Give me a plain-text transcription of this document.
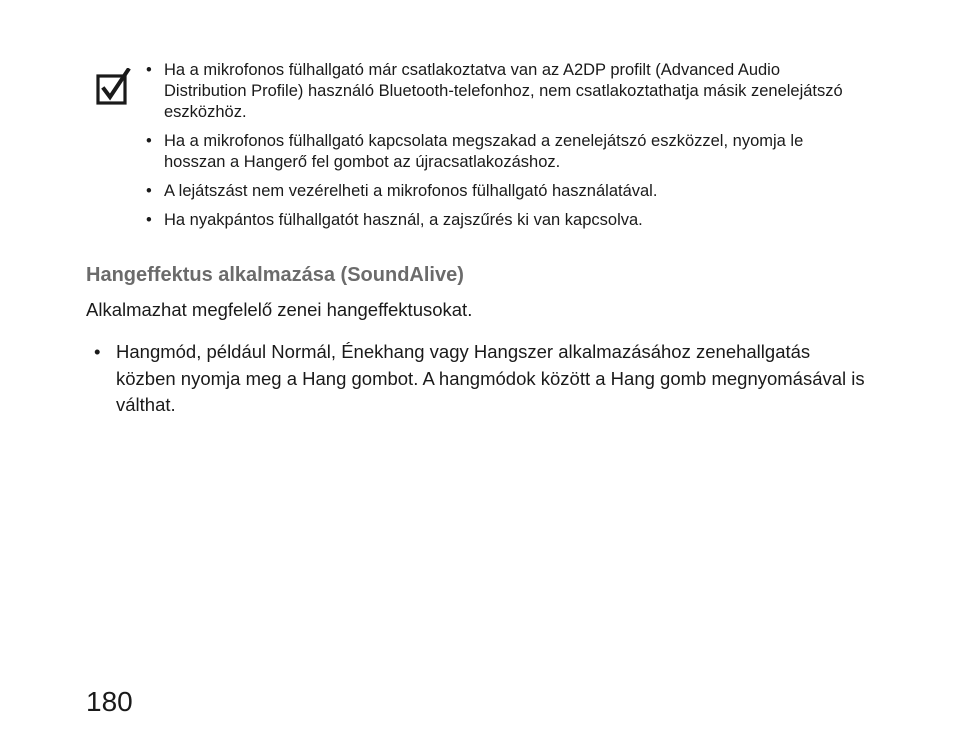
• Ha a mikrofonos fülhallgató már csatlakoztatva van az A2DP profilt (Advanced Audio Distribution Profile) használó Bluetooth-telefonhoz, nem csatlakoztathatja másik zenelejátszó eszközhöz.
• Ha a mikrofonos fülhallgató kapcsolata megszakad a zenelejátszó eszközzel, nyomja le hosszan a Hangerő fel gombot az újracsatlakozáshoz.
• A lejátszást nem vezérelheti a mikrofonos fülhallgató használatával.
• Ha nyakpántos fülhallgatót használ, a zajszűrés ki van kapcsolva.
Hangeffektus alkalmazása (SoundAlive)

Alkalmazhat megfelelő zenei hangeffektusokat.

• Hangmód, például Normál, Énekhang vagy Hangszer alkalmazásához zenehallgatás közben nyomja meg a Hang gombot. A hangmódok között a Hang gomb megnyomásával is válthat.

180
